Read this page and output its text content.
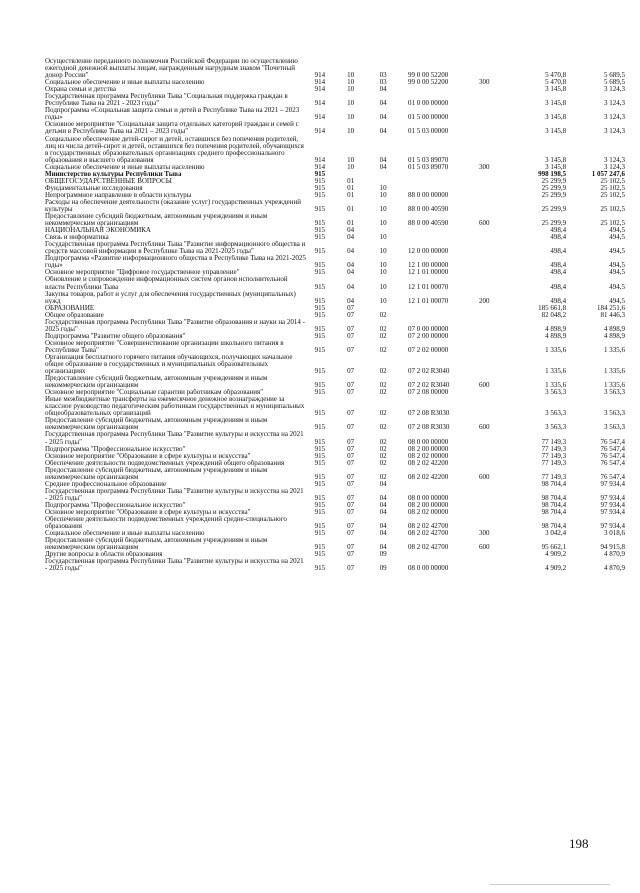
Осуществление переданного полномочия Российской Федерации по осуществлению ежегодной денежной выплаты лицам, награжденным нагрудным знаком "Почетный донор России"	914	10	03	99 0 00 52200		5 470,8	5 689,5
Социальное обеспечение и иные выплаты населению	914	10	03	99 0 00 52200	300	5 470,8	5 689,5
Охрана семьи и детства	914	10	04			3 145,8	3 124,3
Государственная программа Республики Тыва "Социальная поддержка граждан в Республике Тыва на 2021 - 2023 годы"	914	10	04	01 0 00 00000		3 145,8	3 124,3
Подпрограмма «Социальная защита семьи и детей в Республике Тыва на 2021 – 2023 годы»	914	10	04	01 5 00 00000		3 145,8	3 124,3
Основное мероприятие "Социальная защита отдельных категорий граждан и семей с детьми в Республике Тыва на 2021 – 2023 годы"	914	10	04	01 5 03 00000		3 145,8	3 124,3
Социальное обеспечение детей-сирот и детей, оставшихся без попечения родителей, лиц из числа детей-сирот и детей, оставшихся без попечения родителей, обучающихся в государственных образовательных организациях среднего профессионального образования и высшего образования	914	10	04	01 5 03 89070		3 145,8	3 124,3
Социальное обеспечение и иные выплаты населению	914	10	04	01 5 03 89070	300	3 145,8	3 124,3
Министерство культуры Республики Тыва	915					998 198,5	1 057 247,6
ОБЩЕГОСУДАРСТВЕННЫЕ ВОПРОСЫ	915	01				25 299,9	25 102,5
Фундаментальные исследования	915	01	10			25 299,9	25 102,5
Непрограммное направление в области культуры	915	01	10	88 0 00 00000		25 299,9	25 102,5
Расходы на обеспечение деятельности (оказание услуг) государственных учреждений культуры	915	01	10	88 0 00 40590		25 299,9	25 102,5
Предоставление субсидий бюджетным, автономным учреждениям и иным некоммерческим организациям	915	01	10	88 0 00 40590	600	25 299,9	25 102,5
НАЦИОНАЛЬНАЯ ЭКОНОМИКА	915	04				498,4	494,5
Связь и информатика	915	04	10			498,4	494,5
Государственная программа Республики Тыва "Развитие информационного общества и средств массовой информации в Республике Тыва на 2021-2025 годы"	915	04	10	12 0 00 00000		498,4	494,5
Подпрограмма «Развитие информационного общества в Республике Тыва на 2021-2025 годы»	915	04	10	12 1 00 00000		498,4	494,5
Основное мероприятие "Цифровое государственное управление"	915	04	10	12 1 01 00000		498,4	494,5
Обновление и сопровождение информационных систем органов исполнительной власти Республики Тыва	915	04	10	12 1 01 00070		498,4	494,5
Закупка товаров, работ и услуг для обеспечения государственных (муниципальных) нужд	915	04	10	12 1 01 00070	200	498,4	494,5
ОБРАЗОВАНИЕ	915	07				185 661,8	184 251,6
Общее образование	915	07	02			82 048,2	81 446,3
Государственная программа Республики Тыва "Развитие образования и науки на 2014 - 2025 годы"	915	07	02	07 0 00 00000		4 898,9	4 898,9
Подпрограмма "Развитие общего образования"	915	07	02	07 2 00 00000		4 898,9	4 898,9
Основное мероприятие "Совершенствование организации школьного питания в Республике Тыва"	915	07	02	07 2 02 00000		1 335,6	1 335,6
Организация бесплатного горячего питания обучающихся, получающих начальное общее образование в государственных и муниципальных образовательных организациях	915	07	02	07 2 02 R3040		1 335,6	1 335,6
Предоставление субсидий бюджетным, автономным учреждениям и иным некоммерческим организациям	915	07	02	07 2 02 R3040	600	1 335,6	1 335,6
Основное мероприятие "Социальные гарантии работникам образования"	915	07	02	07 2 08 00000		3 563,3	3 563,3
Иные межбюджетные трансферты на ежемесячное денежное вознаграждение за классное руководство педагогическим работникам государственных и муниципальных общеобразовательных организаций	915	07	02	07 2 08 R3030		3 563,3	3 563,3
Предоставление субсидий бюджетным, автономным учреждениям и иным некоммерческим организациям	915	07	02	07 2 08 R3030	600	3 563,3	3 563,3
Государственная программа Республики Тыва "Развитие культуры и искусства на 2021 - 2025 годы"	915	07	02	08 0 00 00000		77 149,3	76 547,4
Подпрограмма "Профессиональное искусство"	915	07	02	08 2 00 00000		77 149,3	76 547,4
Основное мероприятие "Образование в сфере культуры и искусства"	915	07	02	08 2 02 00000		77 149,3	76 547,4
Обеспечение деятельности подведомственных учреждений общего образования	915	07	02	08 2 02 42200		77 149,3	76 547,4
Предоставление субсидий бюджетным, автономным учреждениям и иным некоммерческим организациям	915	07	02	08 2 02 42200	600	77 149,3	76 547,4
Среднее профессиональное образование	915	07	04			98 704,4	97 934,4
Государственная программа Республики Тыва "Развитие культуры и искусства на 2021 - 2025 годы"	915	07	04	08 0 00 00000		98 704,4	97 934,4
Подпрограмма "Профессиональное искусство"	915	07	04	08 2 00 00000		98 704,4	97 934,4
Основное мероприятие "Образование в сфере культуры и искусства"	915	07	04	08 2 02 00000		98 704,4	97 934,4
Обеспечение деятельности подведомственных учреждений средне-специального образования	915	07	04	08 2 02 42700		98 704,4	97 934,4
Социальное обеспечение и иные выплаты населению	915	07	04	08 2 02 42700	300	3 042,4	3 018,6
Предоставление субсидий бюджетным, автономным учреждениям и иным некоммерческим организациям	915	07	04	08 2 02 42700	600	95 662,1	94 915,8
Другие вопросы в области образования	915	07	09			4 909,2	4 870,9
Государственная программа Республики Тыва "Развитие культуры и искусства на 2021 - 2025 годы"	915	07	09	08 0 00 00000		4 909,2	4 870,9
198
